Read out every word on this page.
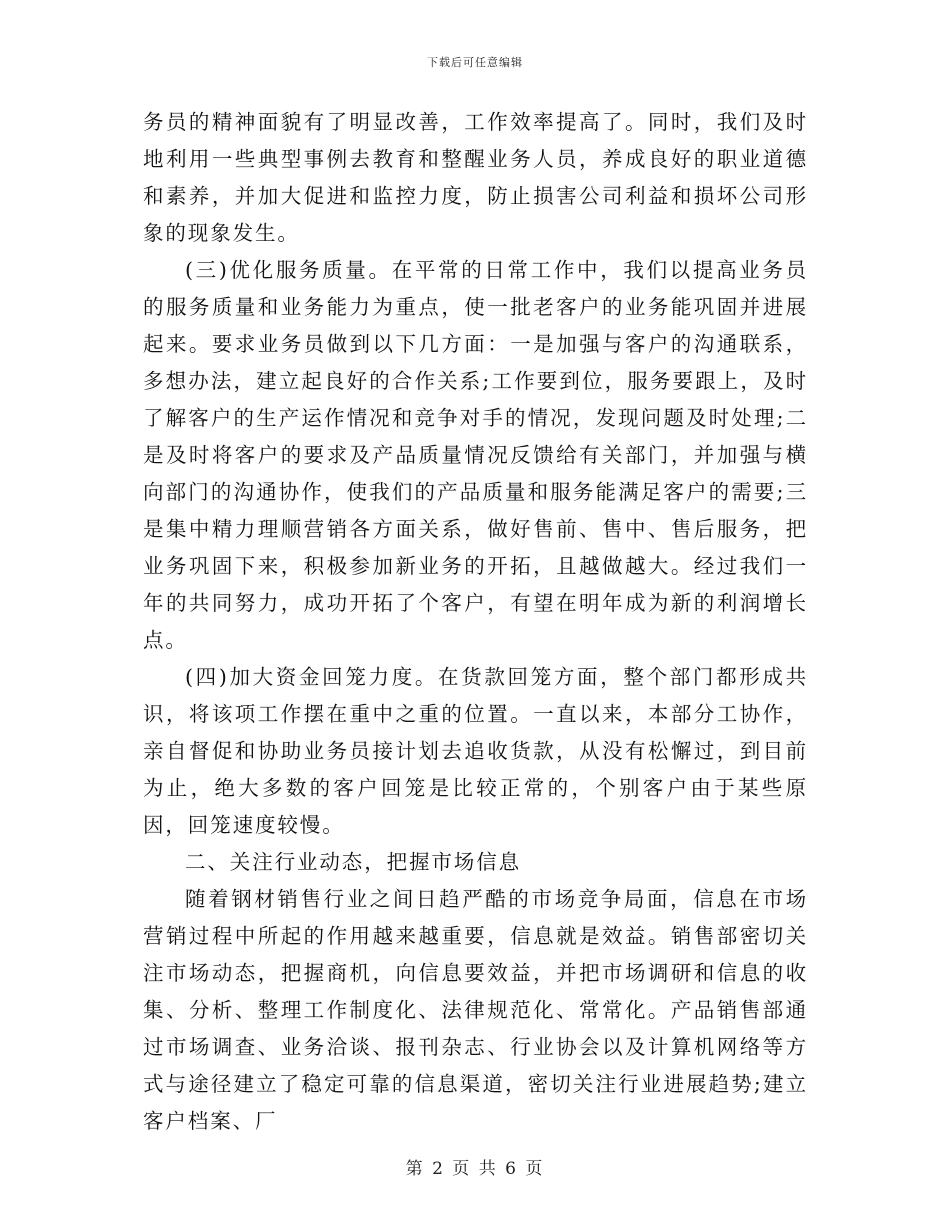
下载后可任意编辑

务员的精神面貌有了明显改善，工作效率提高了。同时，我们及时地利用一些典型事例去教育和整醒业务人员，养成良好的职业道德和素养，并加大促进和监控力度，防止损害公司利益和损坏公司形象的现象发生。

(三)优化服务质量。在平常的日常工作中，我们以提高业务员的服务质量和业务能力为重点，使一批老客户的业务能巩固并进展起来。要求业务员做到以下几方面：一是加强与客户的沟通联系，多想办法，建立起良好的合作关系;工作要到位，服务要跟上，及时了解客户的生产运作情况和竞争对手的情况，发现问题及时处理;二是及时将客户的要求及产品质量情况反馈给有关部门，并加强与横向部门的沟通协作，使我们的产品质量和服务能满足客户的需要;三是集中精力理顺营销各方面关系，做好售前、售中、售后服务，把业务巩固下来，积极参加新业务的开拓，且越做越大。经过我们一年的共同努力，成功开拓了个客户，有望在明年成为新的利润增长点。

(四)加大资金回笼力度。在货款回笼方面，整个部门都形成共识，将该项工作摆在重中之重的位置。一直以来，本部分工协作，亲自督促和协助业务员接计划去追收货款，从没有松懈过，到目前为止，绝大多数的客户回笼是比较正常的，个别客户由于某些原因，回笼速度较慢。

二、关注行业动态，把握市场信息

随着钢材销售行业之间日趋严酷的市场竞争局面，信息在市场营销过程中所起的作用越来越重要，信息就是效益。销售部密切关注市场动态，把握商机，向信息要效益，并把市场调研和信息的收集、分析、整理工作制度化、法律规范化、常常化。产品销售部通过市场调查、业务洽谈、报刊杂志、行业协会以及计算机网络等方式与途径建立了稳定可靠的信息渠道，密切关注行业进展趋势;建立客户档案、厂

第 2 页 共 6 页
